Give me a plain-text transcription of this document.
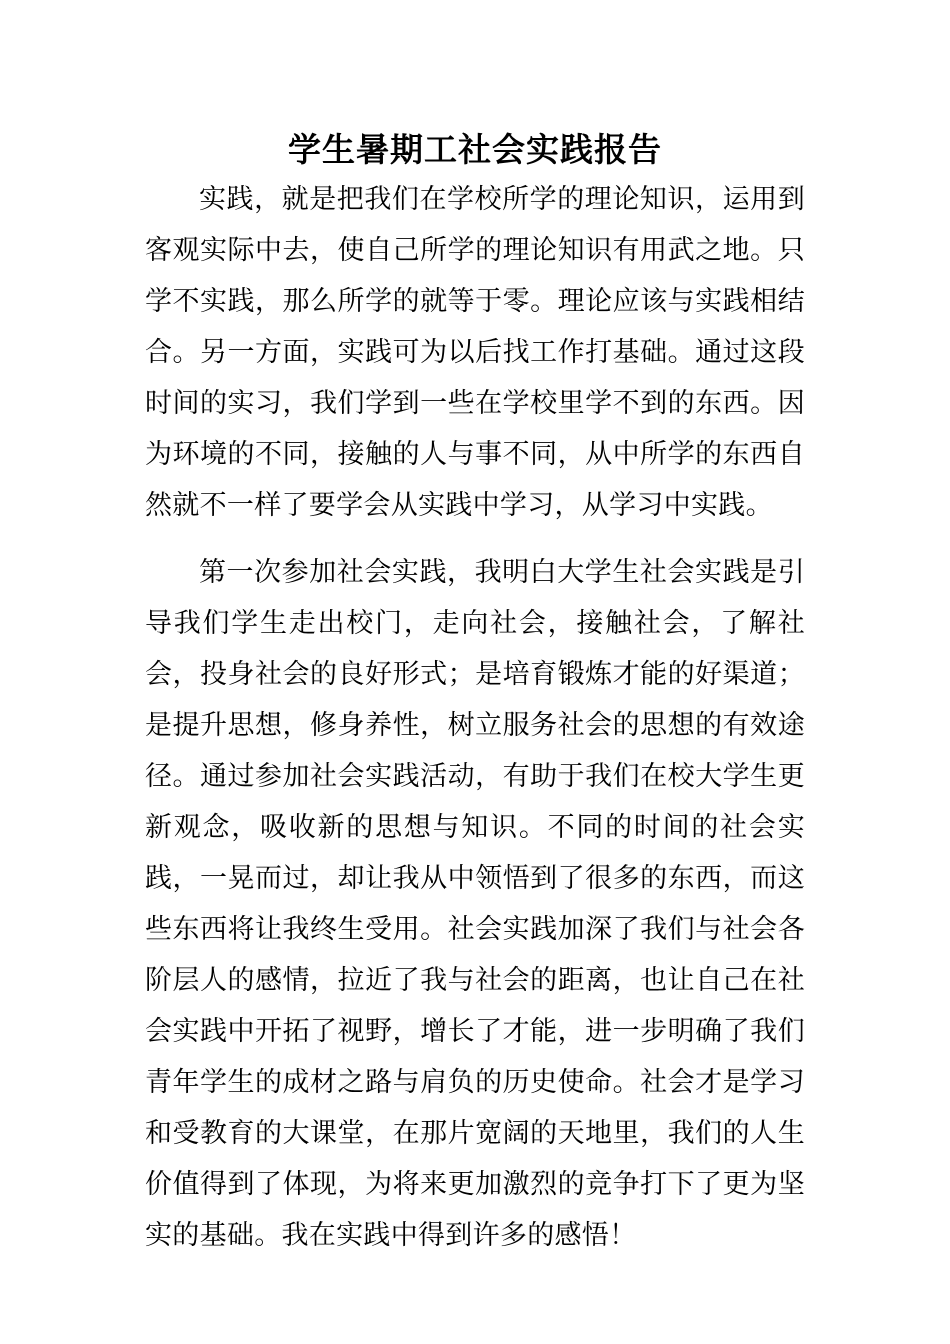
学生暑期工社会实践报告

实践，就是把我们在学校所学的理论知识，运用到客观实际中去，使自己所学的理论知识有用武之地。只学不实践，那么所学的就等于零。理论应该与实践相结合。另一方面，实践可为以后找工作打基础。通过这段时间的实习，我们学到一些在学校里学不到的东西。因为环境的不同，接触的人与事不同，从中所学的东西自然就不一样了要学会从实践中学习，从学习中实践。

第一次参加社会实践，我明白大学生社会实践是引导我们学生走出校门，走向社会，接触社会，了解社会，投身社会的良好形式；是培育锻炼才能的好渠道；是提升思想，修身养性，树立服务社会的思想的有效途径。通过参加社会实践活动，有助于我们在校大学生更新观念，吸收新的思想与知识。不同的时间的社会实践，一晃而过，却让我从中领悟到了很多的东西，而这些东西将让我终生受用。社会实践加深了我们与社会各阶层人的感情，拉近了我与社会的距离，也让自己在社会实践中开拓了视野，增长了才能，进一步明确了我们青年学生的成材之路与肩负的历史使命。社会才是学习和受教育的大课堂，在那片宽阔的天地里，我们的人生价值得到了体现，为将来更加激烈的竞争打下了更为坚实的基础。我在实践中得到许多的感悟！
